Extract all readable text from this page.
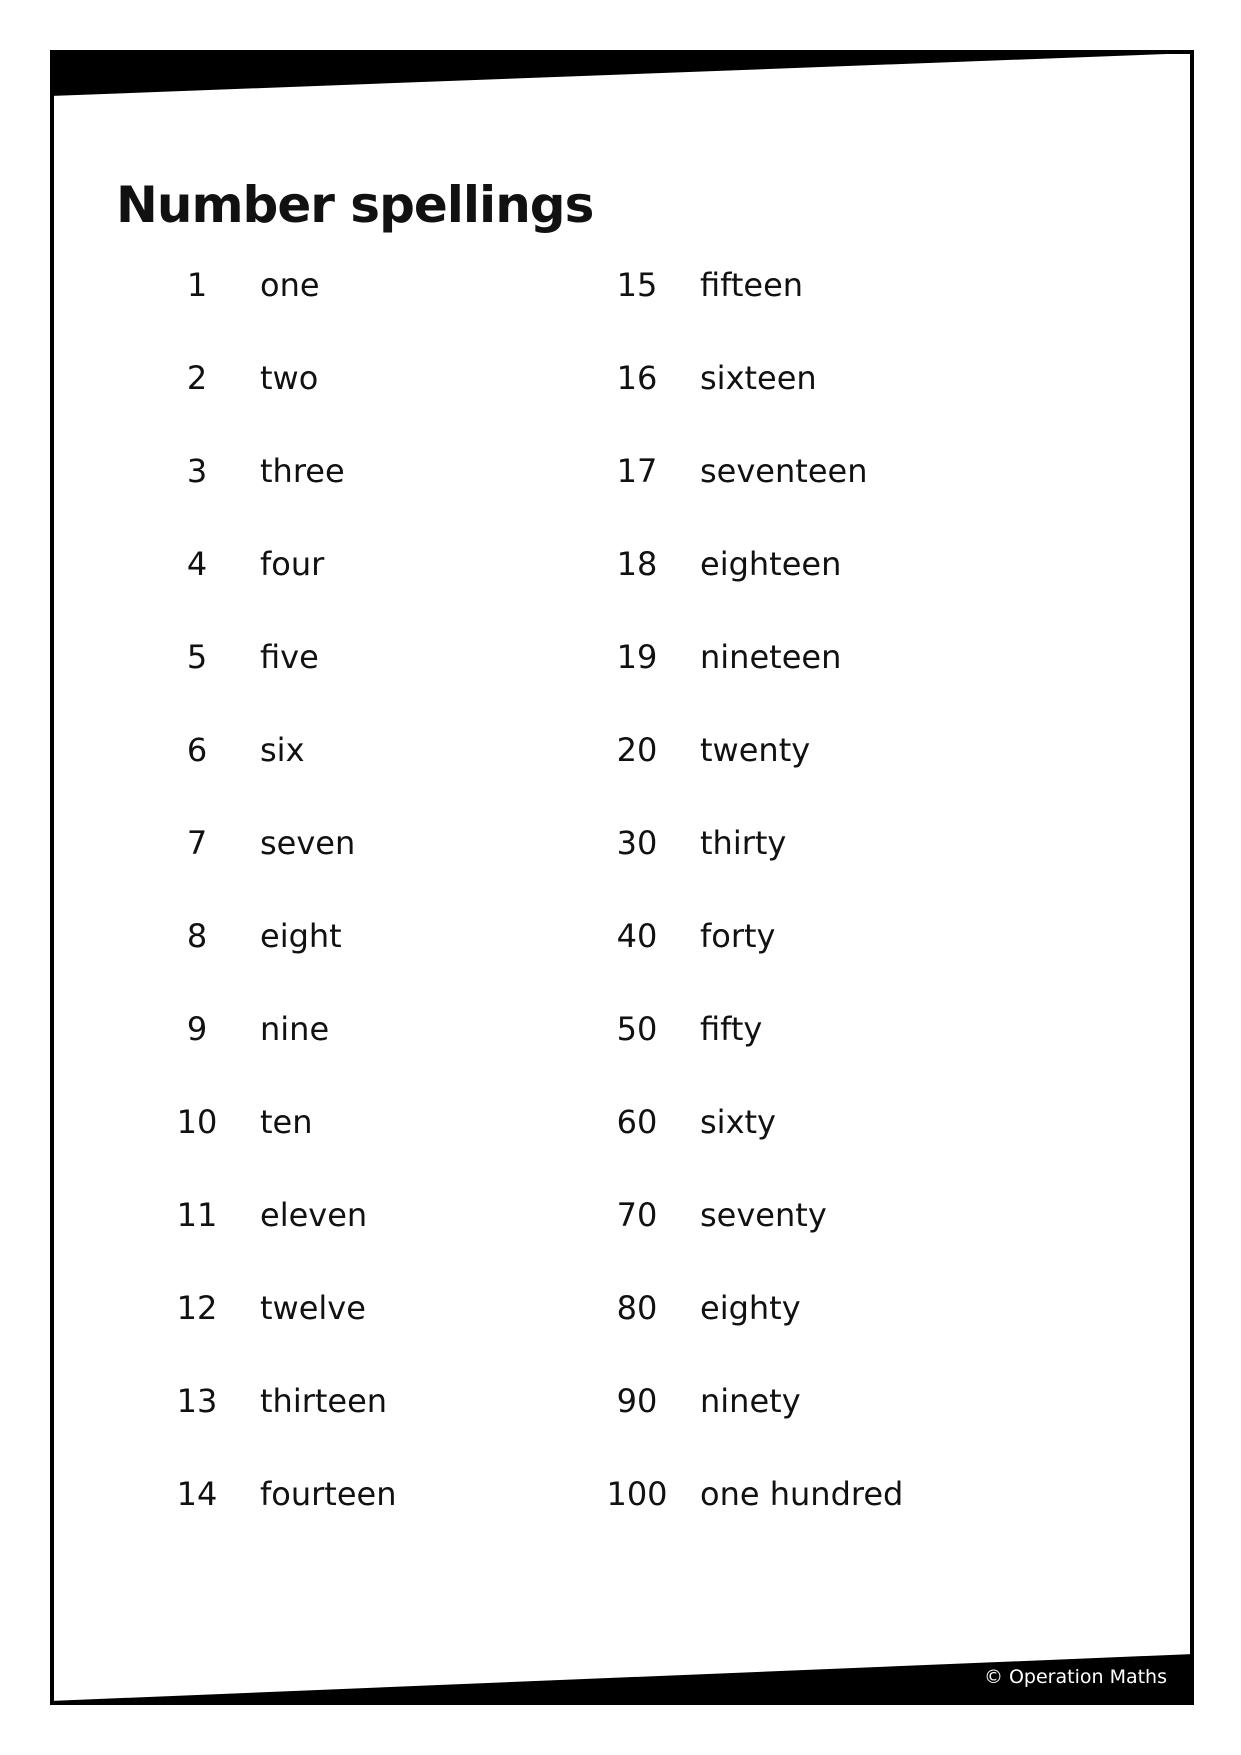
Number spellings
1	one
2	two
3	three
4	four
5	five
6	six
7	seven
8	eight
9	nine
10	ten
11	eleven
12	twelve
13	thirteen
14	fourteen
15	fifteen
16	sixteen
17	seventeen
18	eighteen
19	nineteen
20	twenty
30	thirty
40	forty
50	fifty
60	sixty
70	seventy
80	eighty
90	ninety
100	one hundred
© Operation Maths
